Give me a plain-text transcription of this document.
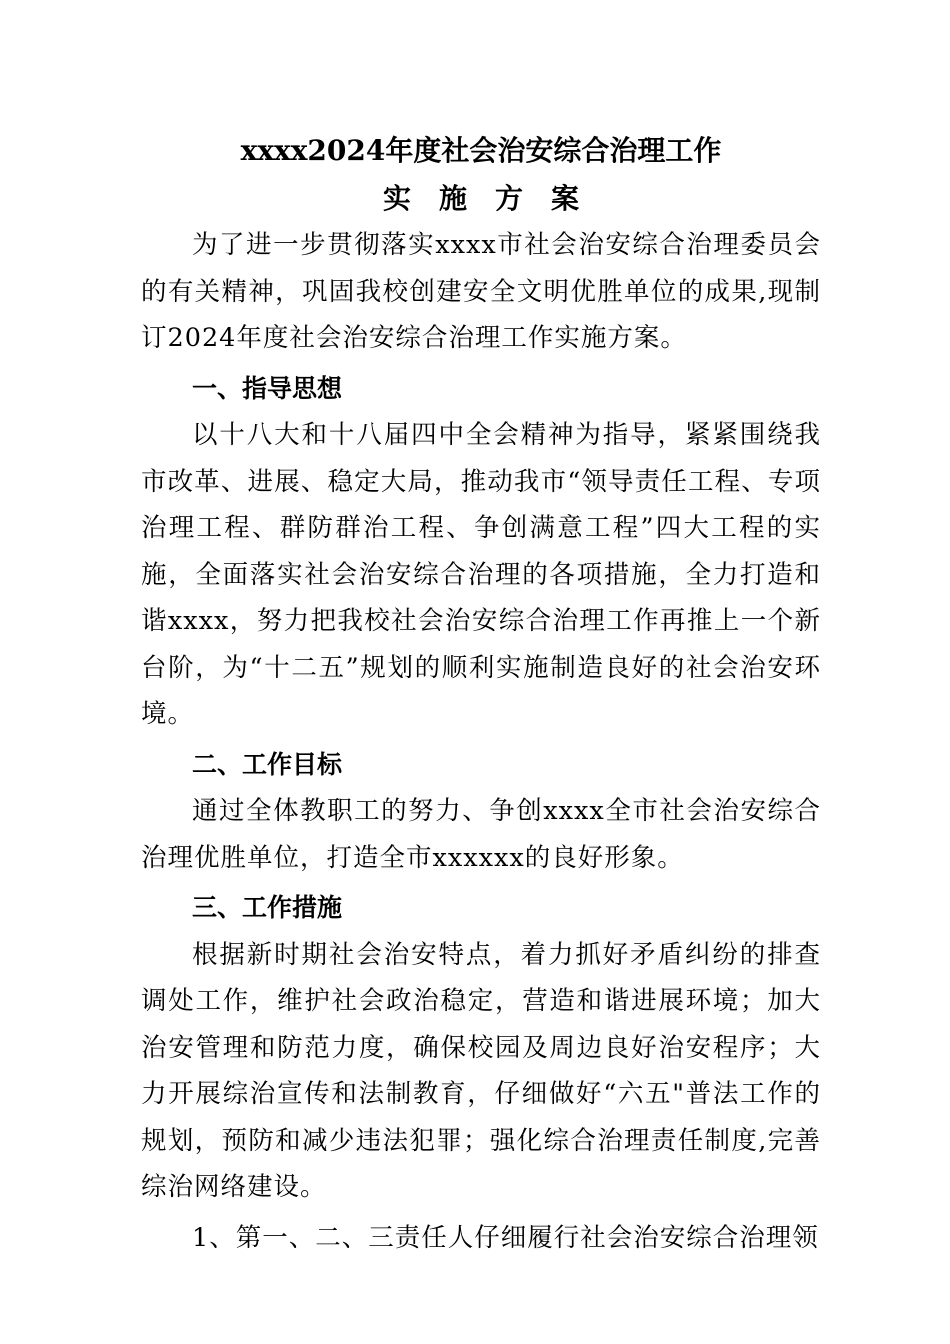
xxxx2024年度社会治安综合治理工作
实施方案

为了进一步贯彻落实xxxx市社会治安综合治理委员会的有关精神，巩固我校创建安全文明优胜单位的成果,现制订2024年度社会治安综合治理工作实施方案。

一、指导思想

以十八大和十八届四中全会精神为指导，紧紧围绕我市改革、进展、稳定大局，推动我市“领导责任工程、专项治理工程、群防群治工程、争创满意工程”四大工程的实施，全面落实社会治安综合治理的各项措施，全力打造和谐xxxx，努力把我校社会治安综合治理工作再推上一个新台阶，为“十二五”规划的顺利实施制造良好的社会治安环境。

二、工作目标

通过全体教职工的努力、争创xxxx全市社会治安综合治理优胜单位，打造全市xxxxxx的良好形象。

三、工作措施

根据新时期社会治安特点，着力抓好矛盾纠纷的排查调处工作，维护社会政治稳定，营造和谐进展环境；加大治安管理和防范力度，确保校园及周边良好治安程序；大力开展综治宣传和法制教育，仔细做好“六五"普法工作的规划，预防和减少违法犯罪；强化综合治理责任制度,完善综治网络建设。

1、第一、二、三责任人仔细履行社会治安综合治理领
